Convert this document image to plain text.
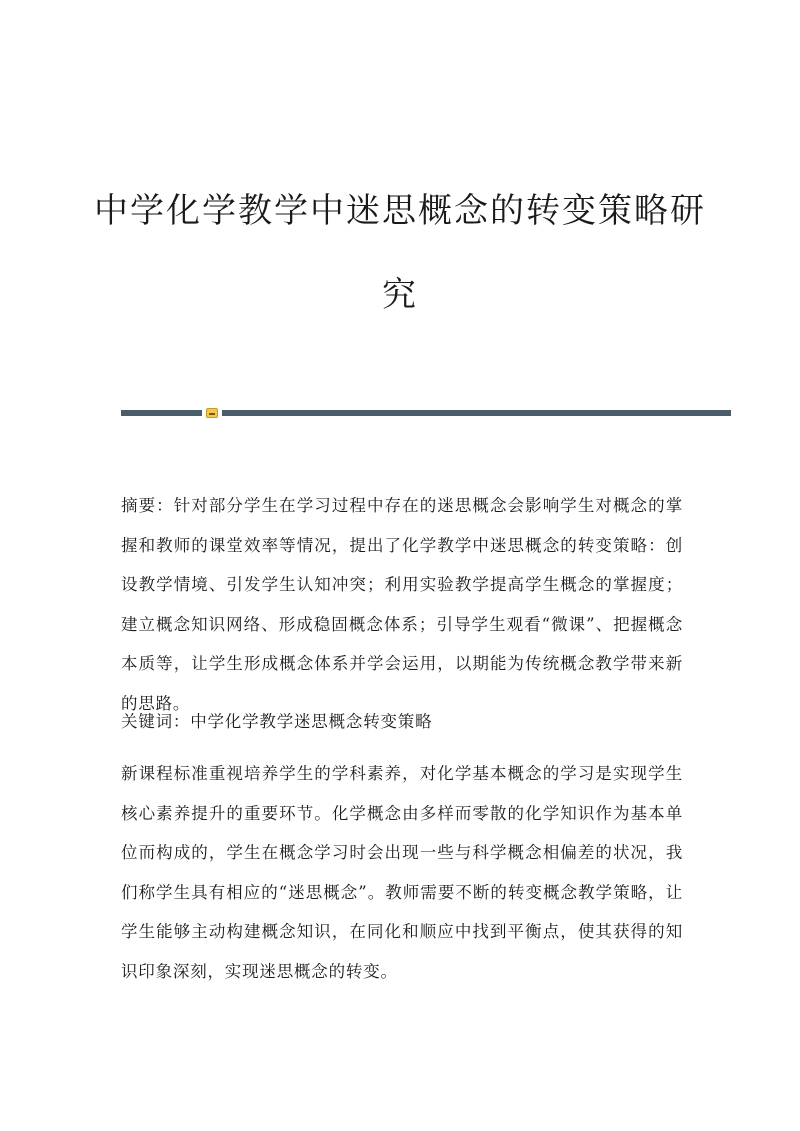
中学化学教学中迷思概念的转变策略研
究

摘要：针对部分学生在学习过程中存在的迷思概念会影响学生对概念的掌握和教师的课堂效率等情况，提出了化学教学中迷思概念的转变策略：创设教学情境、引发学生认知冲突；利用实验教学提高学生概念的掌握度；建立概念知识网络、形成稳固概念体系；引导学生观看“微课”、把握概念本质等，让学生形成概念体系并学会运用，以期能为传统概念教学带来新的思路。

关键词：中学化学教学迷思概念转变策略

新课程标准重视培养学生的学科素养，对化学基本概念的学习是实现学生核心素养提升的重要环节。化学概念由多样而零散的化学知识作为基本单位而构成的，学生在概念学习时会出现一些与科学概念相偏差的状况，我们称学生具有相应的“迷思概念”。教师需要不断的转变概念教学策略，让学生能够主动构建概念知识，在同化和顺应中找到平衡点，使其获得的知识印象深刻，实现迷思概念的转变。
